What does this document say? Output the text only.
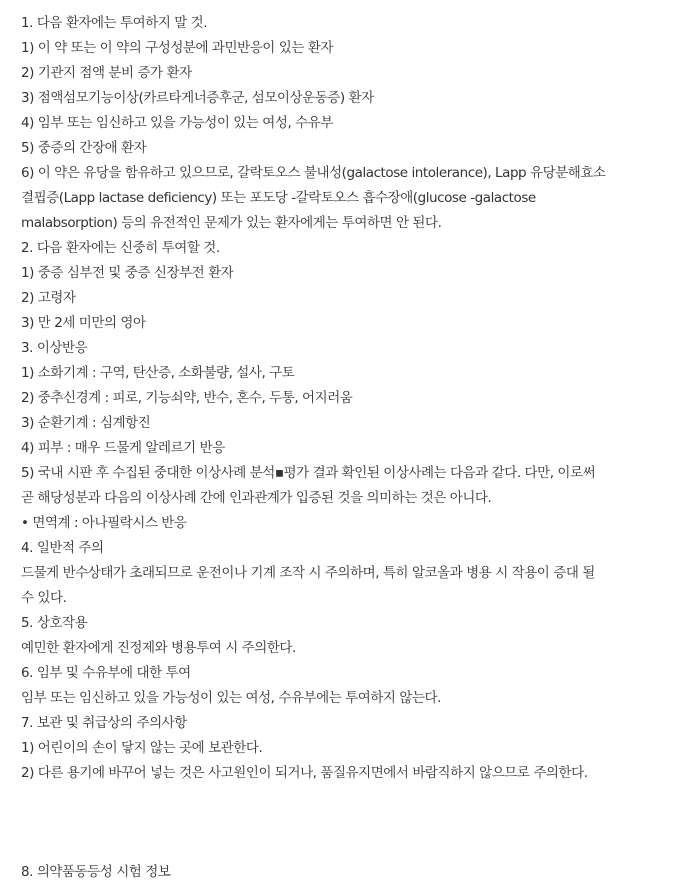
1. 다음 환자에는 투여하지 말 것.
1) 이 약 또는 이 약의 구성성분에 과민반응이 있는 환자
2) 기관지 점액 분비 증가 환자
3) 점액섬모기능이상(카르타게너증후군, 섬모이상운동증) 환자
4) 임부 또는 임신하고 있을 가능성이 있는 여성, 수유부
5) 중증의 간장애 환자
6) 이 약은 유당을 함유하고 있으므로, 갈락토오스 불내성(galactose intolerance), Lapp 유당분해효소
결핍증(Lapp lactase deficiency) 또는 포도당 -갈락토오스 흡수장애(glucose -galactose
malabsorption) 등의 유전적인 문제가 있는 환자에게는 투여하면 안 된다.
2. 다음 환자에는 신중히 투여할 것.
1) 중증 심부전 및 중증 신장부전 환자
2) 고령자
3) 만 2세 미만의 영아
3. 이상반응
1) 소화기계 : 구역, 탄산증, 소화불량, 설사, 구토
2) 중추신경계 : 피로, 기능쇠약, 반수, 혼수, 두통, 어지러움
3) 순환기계 : 심계항진
4) 피부 : 매우 드물게 알레르기 반응
5) 국내 시판 후 수집된 중대한 이상사례 분석▪평가 결과 확인된 이상사례는 다음과 같다. 다만, 이로써
곧 해당성분과 다음의 이상사례 간에 인과관계가 입증된 것을 의미하는 것은 아니다.
• 면역계 : 아나필락시스 반응
4. 일반적 주의
드물게 반수상태가 초래되므로 운전이나 기계 조작 시 주의하며, 특히 알코올과 병용 시 작용이 증대 될
수 있다.
5. 상호작용
예민한 환자에게 진정제와 병용투여 시 주의한다.
6. 임부 및 수유부에 대한 투여
임부 또는 임신하고 있을 가능성이 있는 여성, 수유부에는 투여하지 않는다.
7. 보관 및 취급상의 주의사항
1) 어린이의 손이 닿지 않는 곳에 보관한다.
2) 다른 용기에 바꾸어 넣는 것은 사고원인이 되거나, 품질유지면에서 바람직하지 않으므로 주의한다.
8. 의약품동등성 시험 정보
